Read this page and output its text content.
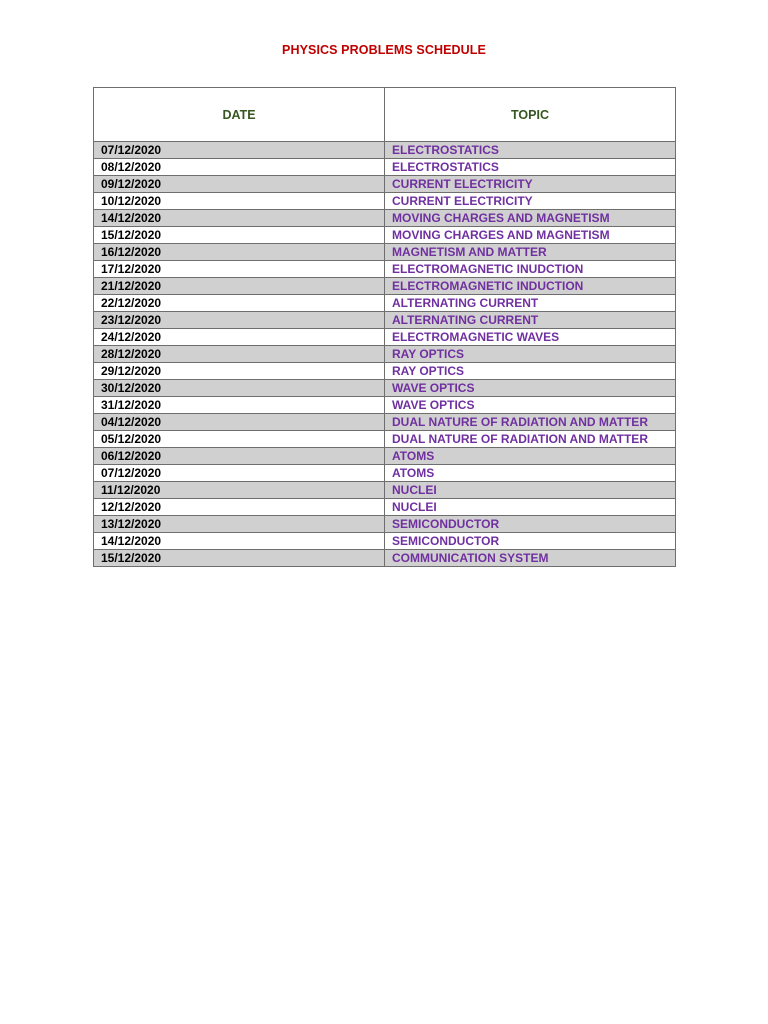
PHYSICS PROBLEMS SCHEDULE
DATE	TOPIC
07/12/2020	ELECTROSTATICS
08/12/2020	ELECTROSTATICS
09/12/2020	CURRENT ELECTRICITY
10/12/2020	CURRENT ELECTRICITY
14/12/2020	MOVING CHARGES AND MAGNETISM
15/12/2020	MOVING CHARGES AND MAGNETISM
16/12/2020	MAGNETISM AND MATTER
17/12/2020	ELECTROMAGNETIC INUDCTION
21/12/2020	ELECTROMAGNETIC INDUCTION
22/12/2020	ALTERNATING CURRENT
23/12/2020	ALTERNATING CURRENT
24/12/2020	ELECTROMAGNETIC WAVES
28/12/2020	RAY OPTICS
29/12/2020	RAY OPTICS
30/12/2020	WAVE OPTICS
31/12/2020	WAVE OPTICS
04/12/2020	DUAL NATURE OF RADIATION AND MATTER
05/12/2020	DUAL NATURE OF RADIATION AND MATTER
06/12/2020	ATOMS
07/12/2020	ATOMS
11/12/2020	NUCLEI
12/12/2020	NUCLEI
13/12/2020	SEMICONDUCTOR
14/12/2020	SEMICONDUCTOR
15/12/2020	COMMUNICATION SYSTEM
